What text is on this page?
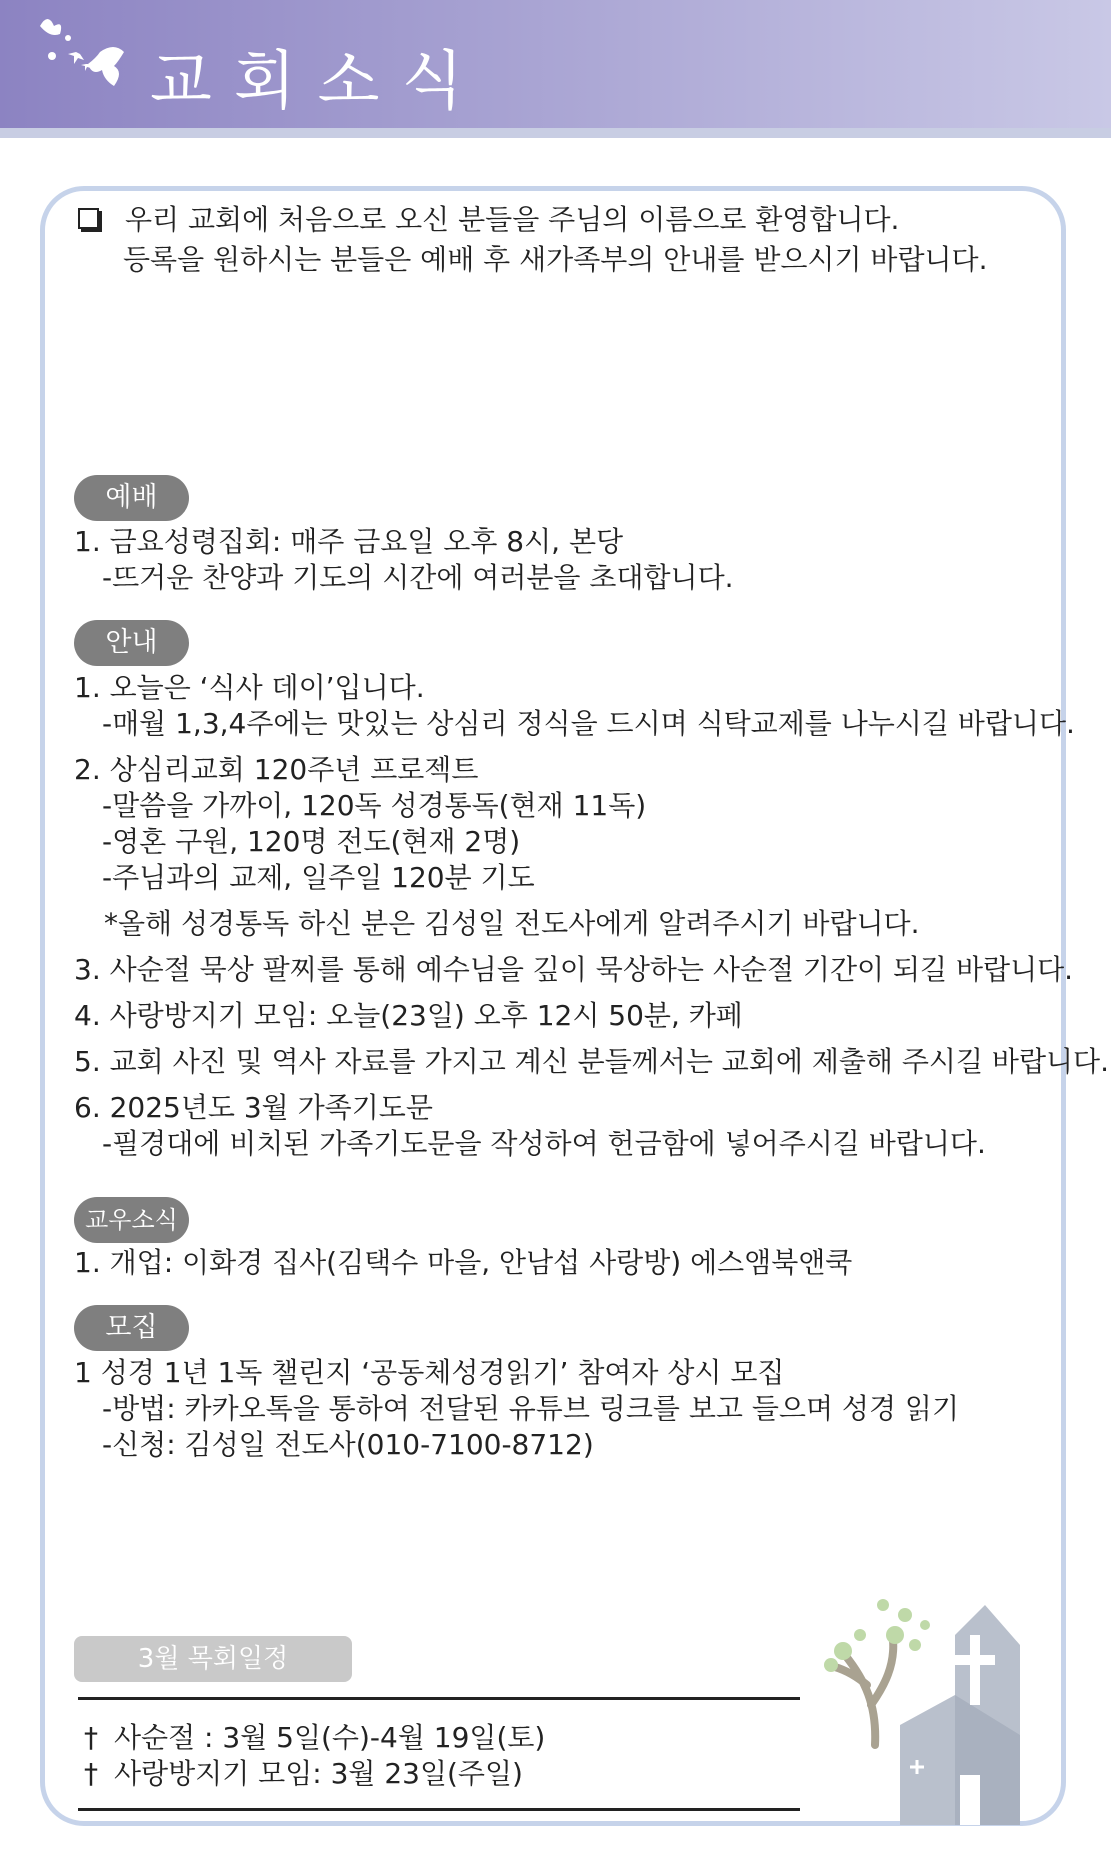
교회소식
우리 교회에 처음으로 오신 분들을 주님의 이름으로 환영합니다.
등록을 원하시는 분들은 예배 후 새가족부의 안내를 받으시기 바랍니다.
예배
1. 금요성령집회: 매주 금요일 오후 8시, 본당
-뜨거운 찬양과 기도의 시간에 여러분을 초대합니다.
안내
1. 오늘은 ‘식사 데이’입니다.
-매월 1,3,4주에는 맛있는 상심리 정식을 드시며 식탁교제를 나누시길 바랍니다.
2. 상심리교회 120주년 프로젝트
-말씀을 가까이, 120독 성경통독(현재 11독)
-영혼 구원, 120명 전도(현재 2명)
-주님과의 교제, 일주일 120분 기도
*올해 성경통독 하신 분은 김성일 전도사에게 알려주시기 바랍니다.
3. 사순절 묵상 팔찌를 통해 예수님을 깊이 묵상하는 사순절 기간이 되길 바랍니다.
4. 사랑방지기 모임: 오늘(23일) 오후 12시 50분, 카페
5. 교회 사진 및 역사 자료를 가지고 계신 분들께서는 교회에 제출해 주시길 바랍니다.
6. 2025년도 3월 가족기도문
-필경대에 비치된 가족기도문을 작성하여 헌금함에 넣어주시길 바랍니다.
교우소식
1. 개업: 이화경 집사(김택수 마을, 안남섭 사랑방) 에스앰북앤쿡
모집
1 성경 1년 1독 챌린지 ‘공동체성경읽기’ 참여자 상시 모집
-방법: 카카오톡을 통하여 전달된 유튜브 링크를 보고 들으며 성경 읽기
-신청: 김성일 전도사(010-7100-8712)
3월 목회일정
† 사순절 : 3월 5일(수)-4월 19일(토)
† 사랑방지기 모임: 3월 23일(주일)
